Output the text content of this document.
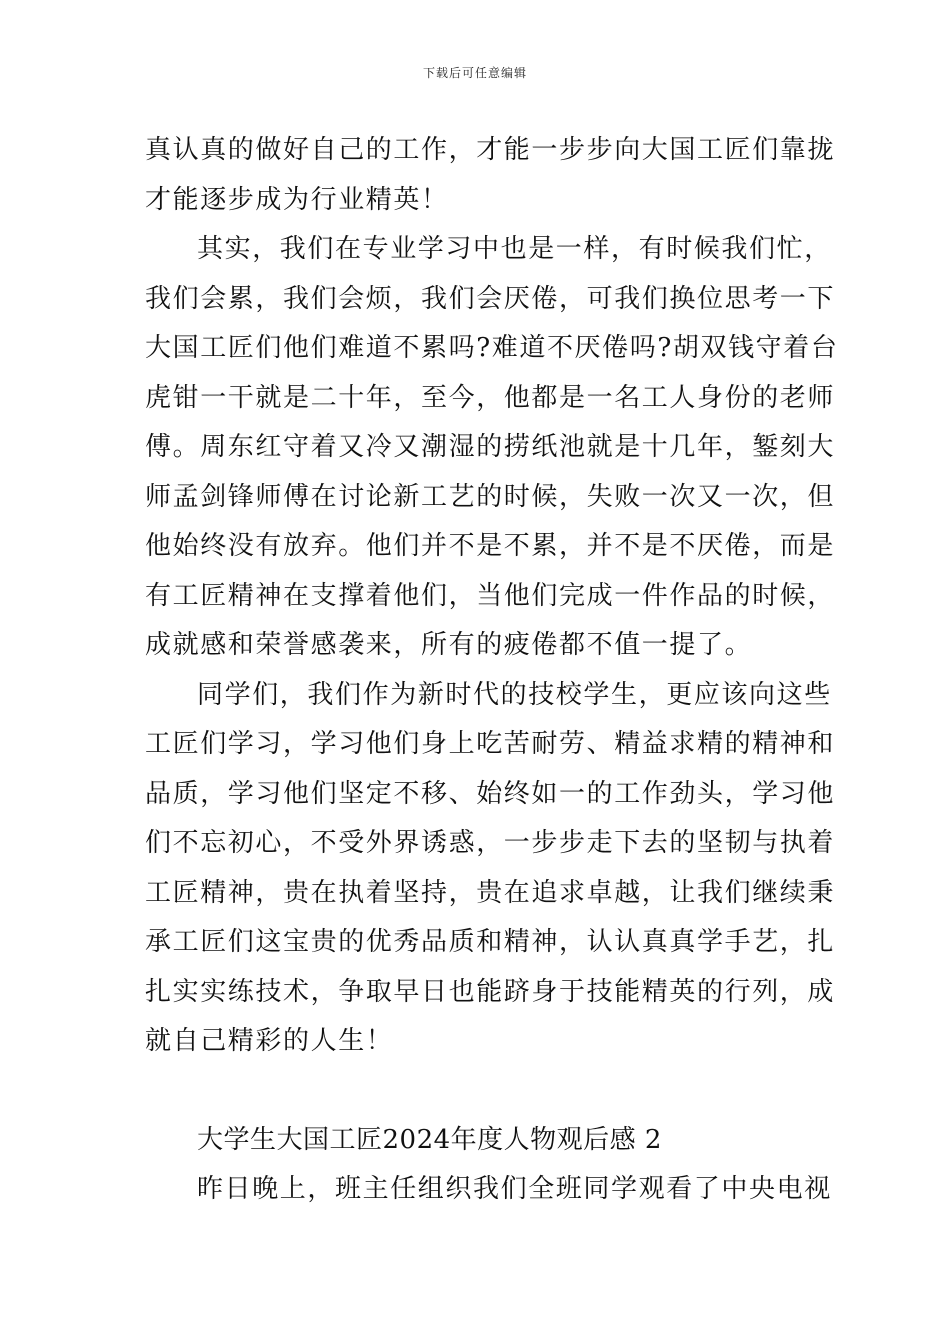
下载后可任意编辑
真认真的做好自己的工作，才能一步步向大国工匠们靠拢
才能逐步成为行业精英！
其实，我们在专业学习中也是一样，有时候我们忙，
我们会累，我们会烦，我们会厌倦，可我们换位思考一下
大国工匠们他们难道不累吗?难道不厌倦吗?胡双钱守着台
虎钳一干就是二十年，至今，他都是一名工人身份的老师
傅。周东红守着又冷又潮湿的捞纸池就是十几年，錾刻大
师孟剑锋师傅在讨论新工艺的时候，失败一次又一次，但
他始终没有放弃。他们并不是不累，并不是不厌倦，而是
有工匠精神在支撑着他们，当他们完成一件作品的时候，
成就感和荣誉感袭来，所有的疲倦都不值一提了。
同学们，我们作为新时代的技校学生，更应该向这些
工匠们学习，学习他们身上吃苦耐劳、精益求精的精神和
品质，学习他们坚定不移、始终如一的工作劲头，学习他
们不忘初心，不受外界诱惑，一步步走下去的坚韧与执着
工匠精神，贵在执着坚持，贵在追求卓越，让我们继续秉
承工匠们这宝贵的优秀品质和精神，认认真真学手艺，扎
扎实实练技术，争取早日也能跻身于技能精英的行列，成
就自己精彩的人生！
大学生大国工匠2024年度人物观后感 2
昨日晚上，班主任组织我们全班同学观看了中央电视
